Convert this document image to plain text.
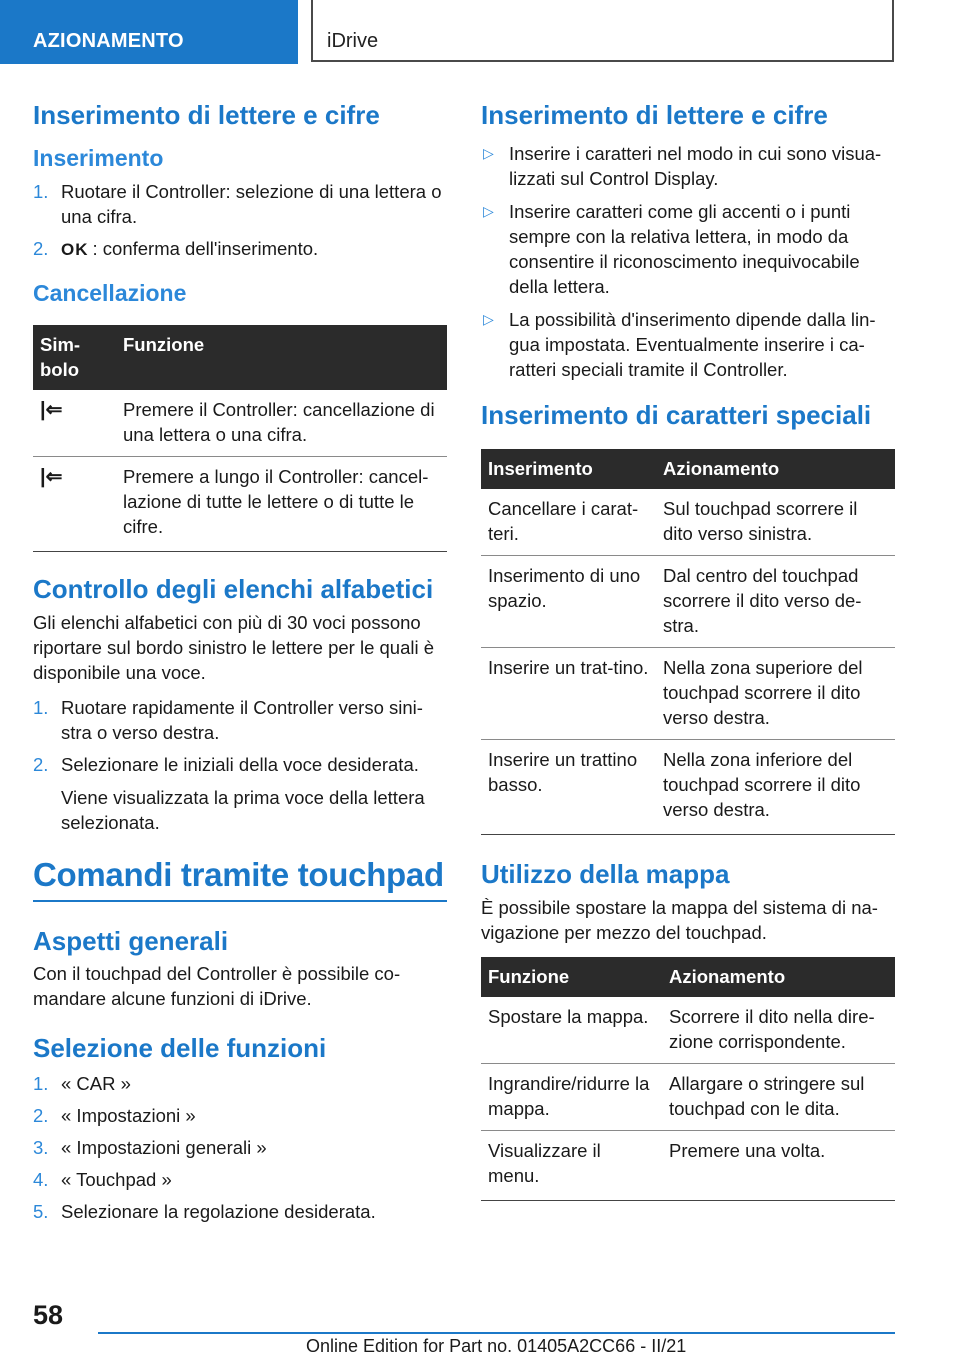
AZIONAMENTO	iDrive
Inserimento di lettere e cifre
Inserimento
1. Ruotare il Controller: selezione di una lettera o una cifra.
2. OK : conferma dell'inserimento.
Cancellazione
Sim-
bolo	Funzione
|⇐	Premere il Controller: cancellazione di una lettera o una cifra.
|⇐	Premere a lungo il Controller: cancel-lazione di tutte le lettere o di tutte le cifre.
Controllo degli elenchi alfabetici

Gli elenchi alfabetici con più di 30 voci possono riportare sul bordo sinistro le lettere per le quali è disponibile una voce.

1. Ruotare rapidamente il Controller verso sini-stra o verso destra.
2. Selezionare le iniziali della voce desiderata.
Viene visualizzata la prima voce della lettera selezionata.
Comandi tramite touchpad
Aspetti generali

Con il touchpad del Controller è possibile co-mandare alcune funzioni di iDrive.

Selezione delle funzioni
1. « CAR »
2. « Impostazioni »
3. « Impostazioni generali »
4. « Touchpad »
5. Selezionare la regolazione desiderata.
Inserimento di lettere e cifre
▷ Inserire i caratteri nel modo in cui sono visua-lizzati sul Control Display.
▷ Inserire caratteri come gli accenti o i punti sempre con la relativa lettera, in modo da consentire il riconoscimento inequivocabile della lettera.
▷ La possibilità d'inserimento dipende dalla lin-gua impostata. Eventualmente inserire i ca-ratteri speciali tramite il Controller.
Inserimento di caratteri speciali
Inserimento	Azionamento
Cancellare i carat-teri.	Sul touchpad scorrere il dito verso sinistra.
Inserimento di uno spazio.	Dal centro del touchpad scorrere il dito verso de-stra.
Inserire un trat-tino.	Nella zona superiore del touchpad scorrere il dito verso destra.
Inserire un trattino basso.	Nella zona inferiore del touchpad scorrere il dito verso destra.
Utilizzo della mappa

È possibile spostare la mappa del sistema di na-vigazione per mezzo del touchpad.

Funzione	Azionamento
Spostare la mappa.	Scorrere il dito nella dire-zione corrispondente.
Ingrandire/ridurre la mappa.	Allargare o stringere sul touchpad con le dita.
Visualizzare il menu.	Premere una volta.
58
Online Edition for Part no. 01405A2CC66 - II/21
